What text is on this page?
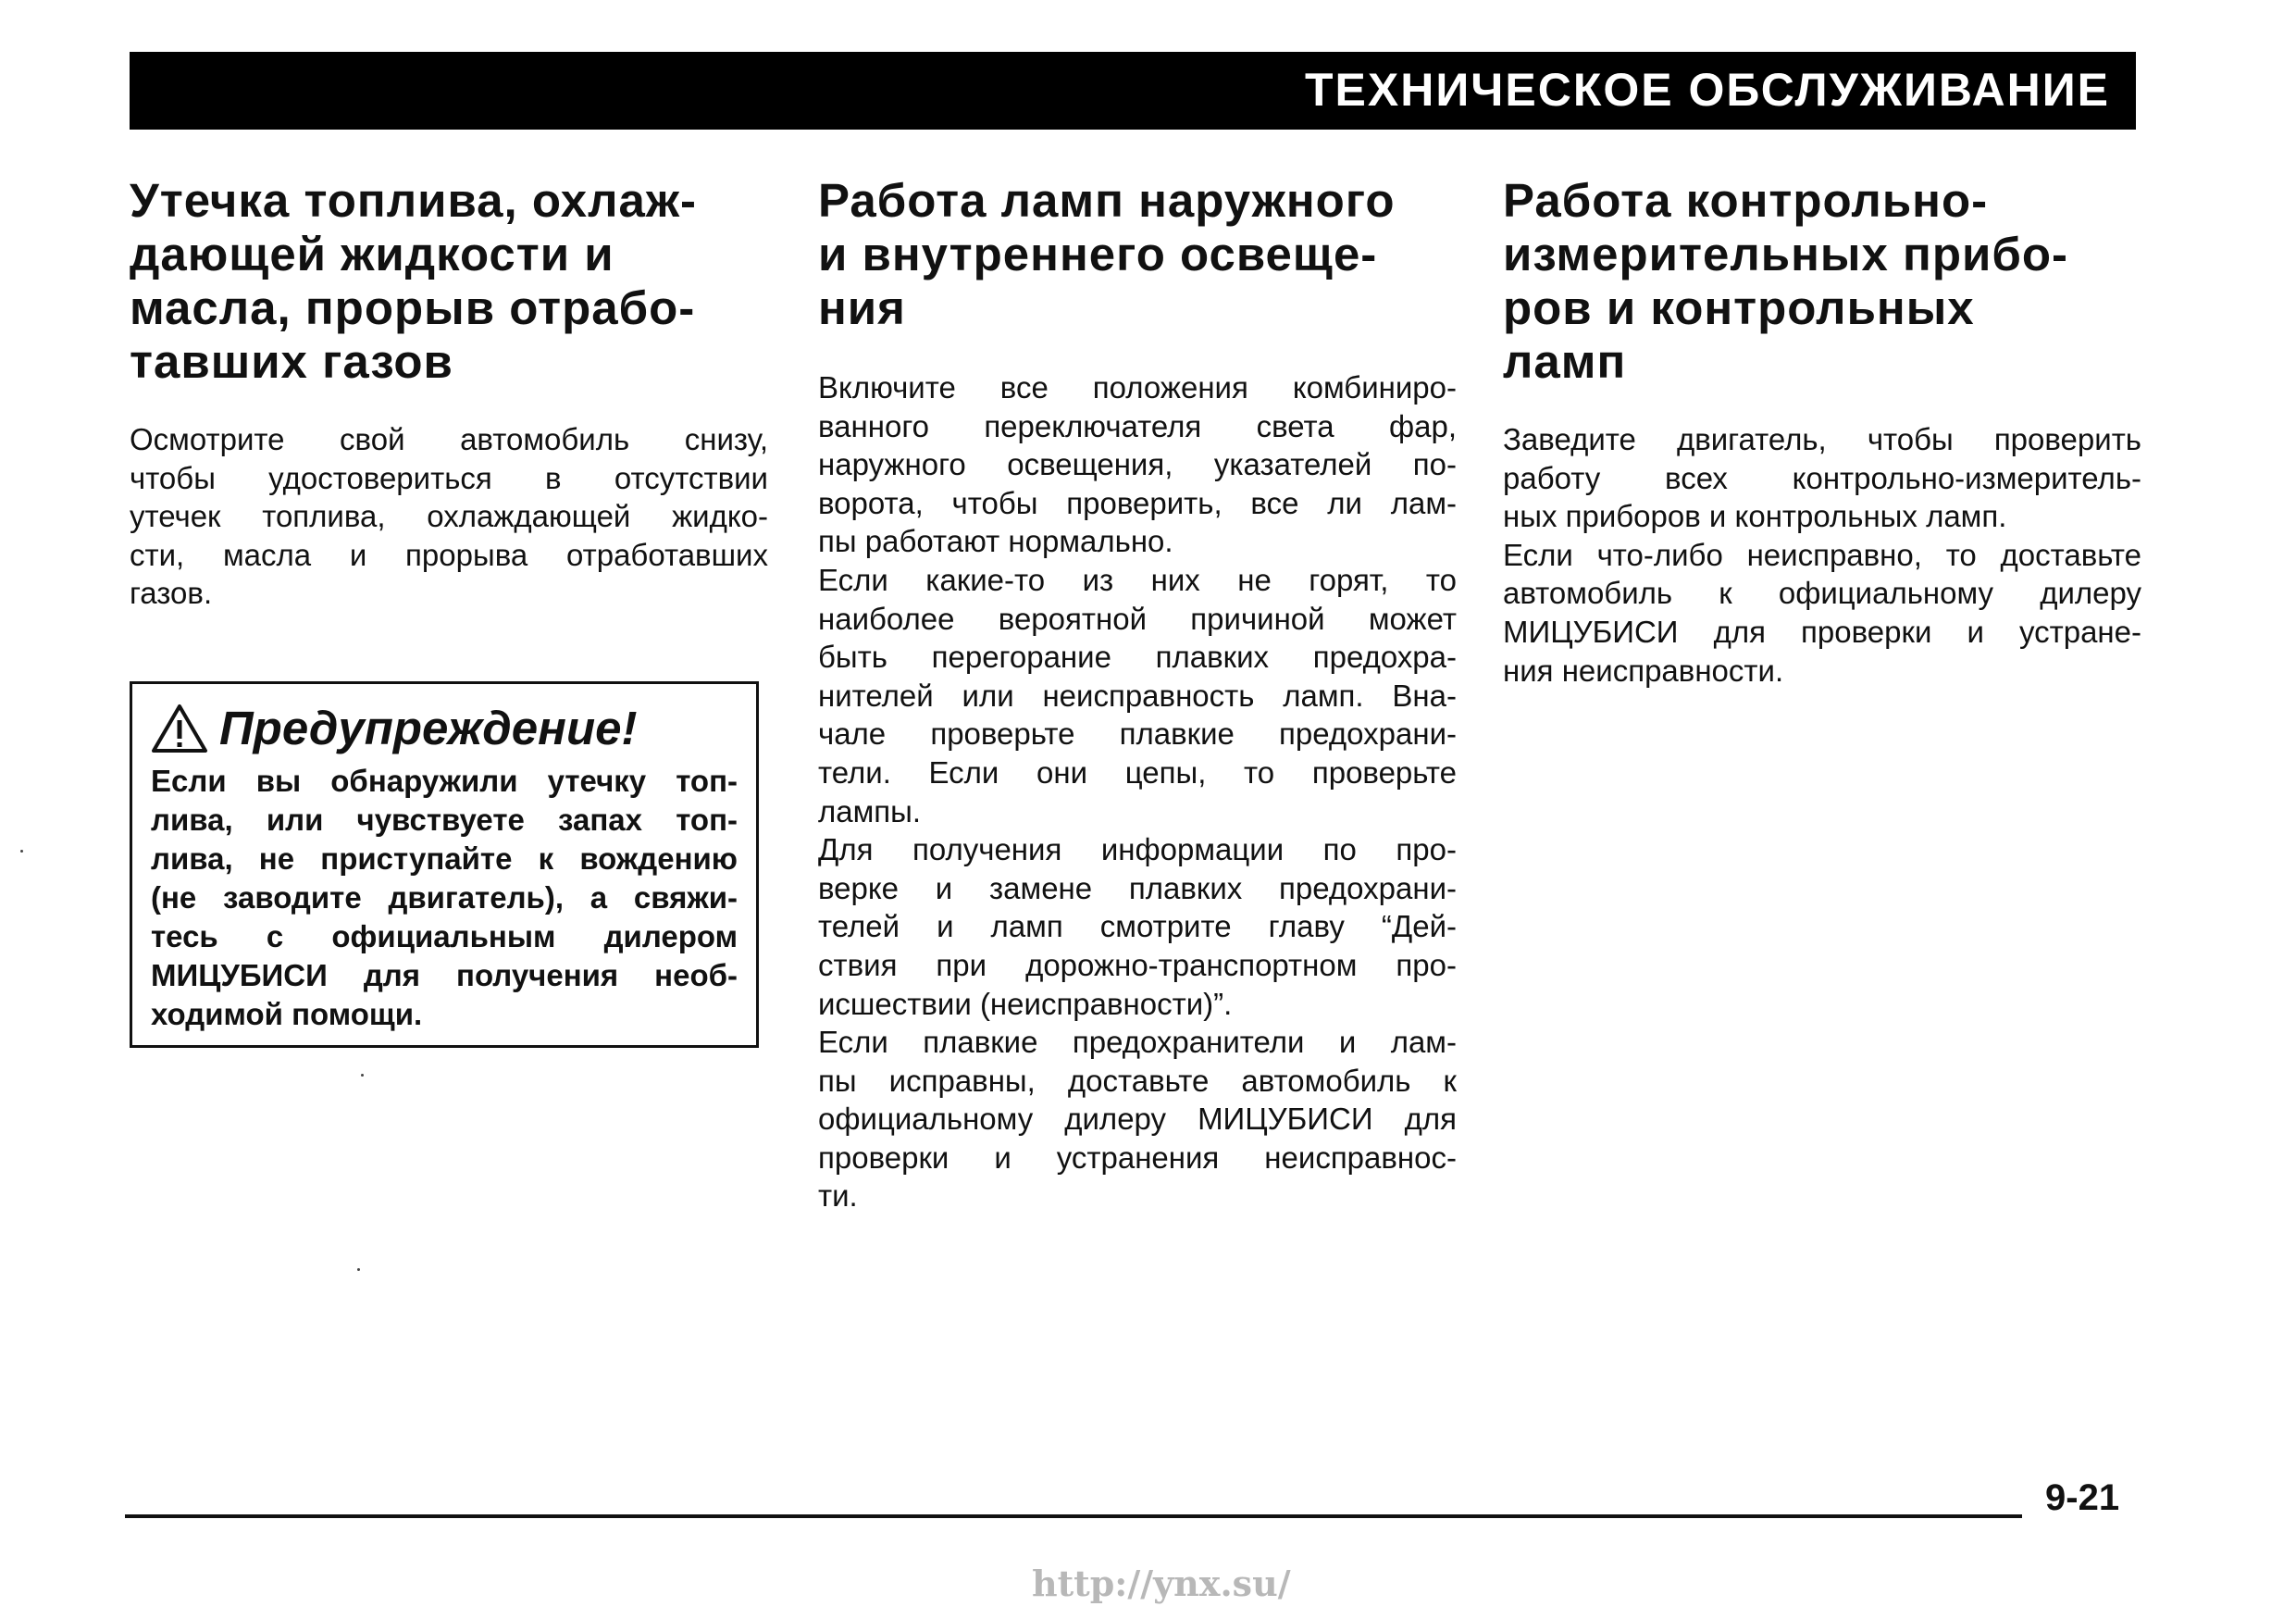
ТЕХНИЧЕСКОЕ ОБСЛУЖИВАНИЕ
Утечка топлива, охлаж-
дающей жидкости и
масла, прорыв отрабо-
тавших газов

Осмотрите свой автомобиль снизу,
чтобы удостовериться в отсутствии
утечек топлива, охлаждающей жидко-
сти, масла и прорыва отработавших
газов.

Предупреждение!
Если вы обнаружили утечку топ-
лива, или чувствуете запах топ-
лива, не приступайте к вождению
(не заводите двигатель), а свяжи-
тесь с официальным дилером
МИЦУБИСИ для получения необ-
ходимой помощи.
Работа ламп наружного
и внутреннего освеще-
ния

Включите все положения комбиниро-
ванного переключателя света фар,
наружного освещения, указателей по-
ворота, чтобы проверить, все ли лам-
пы работают нормально.
Если какие-то из них не горят, то
наиболее вероятной причиной может
быть перегорание плавких предохра-
нителей или неисправность ламп. Вна-
чале проверьте плавкие предохрани-
тели. Если они цепы, то проверьте
лампы.
Для получения информации по про-
верке и замене плавких предохрани-
телей и ламп смотрите главу “Дей-
ствия при дорожно-транспортном про-
исшествии (неисправности)”.
Если плавкие предохранители и лам-
пы исправны, доставьте автомобиль к
официальному дилеру МИЦУБИСИ для
проверки и устранения неисправнос-
ти.

Работа контрольно-
измерительных прибо-
ров и контрольных
ламп

Заведите двигатель, чтобы проверить
работу всех контрольно-измеритель-
ных приборов и контрольных ламп.
Если что-либо неисправно, то доставьте
автомобиль к официальному дилеру
МИЦУБИСИ для проверки и устране-
ния неисправности.

9-21
http://ynx.su/
